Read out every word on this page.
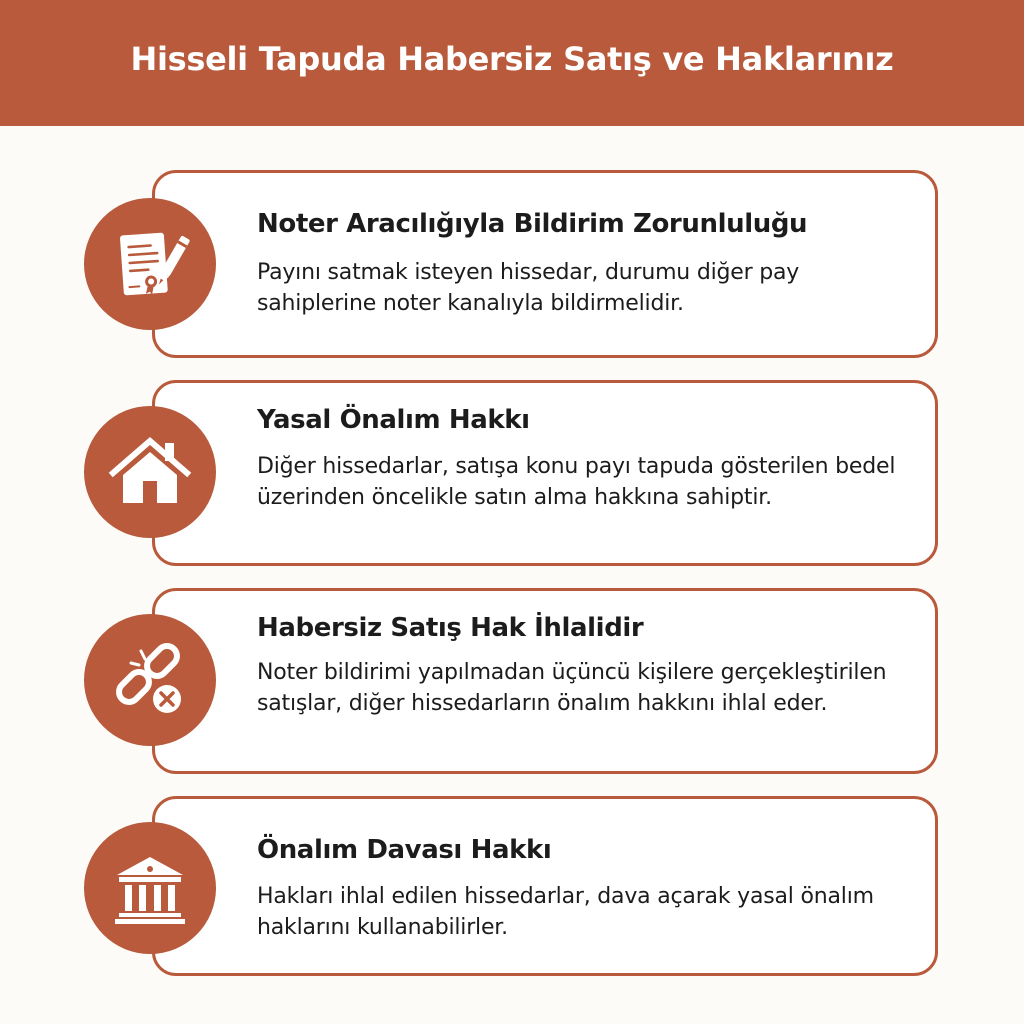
Hisseli Tapuda Habersiz Satış ve Haklarınız
Noter Aracılığıyla Bildirim Zorunluluğu
Payını satmak isteyen hissedar, durumu diğer pay sahiplerine noter kanalıyla bildirmelidir.
Yasal Önalım Hakkı
Diğer hissedarlar, satışa konu payı tapuda gösterilen bedel üzerinden öncelikle satın alma hakkına sahiptir.
Habersiz Satış Hak İhlalidir
Noter bildirimi yapılmadan üçüncü kişilere gerçekleştirilen satışlar, diğer hissedarların önalım hakkını ihlal eder.
Önalım Davası Hakkı
Hakları ihlal edilen hissedarlar, dava açarak yasal önalım haklarını kullanabilirler.
